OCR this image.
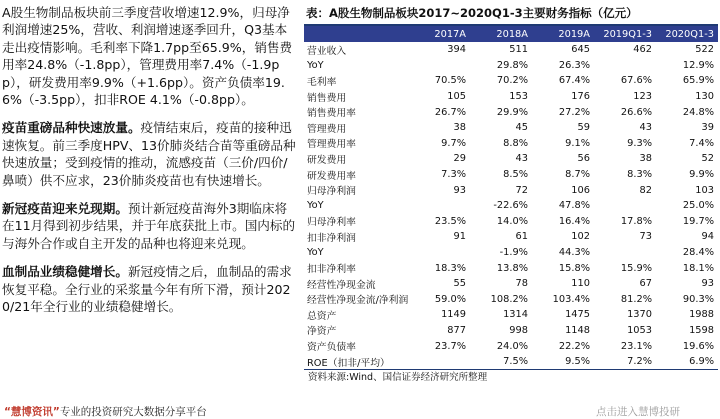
A股生物制品板块前三季度营收增速12.9%，归母净利润增速25%，营收、利润增速逐季回升，Q3基本走出疫情影响。毛利率下降1.7pp至65.9%，销售费用率24.8%（-1.8pp），管理费用率7.4%（-1.9pp），研发费用率9.9%（+1.6pp）。资产负债率19.6%（-3.5pp），扣非ROE 4.1%（-0.8pp）。

疫苗重磅品种快速放量。疫情结束后，疫苗的接种迅速恢复。前三季度HPV、13价肺炎结合苗等重磅品种快速放量；受到疫情的推动，流感疫苗（三价/四价/鼻喷）供不应求，23价肺炎疫苗也有快速增长。

新冠疫苗迎来兑现期。预计新冠疫苗海外3期临床将在11月得到初步结果，并于年底获批上市。国内标的与海外合作或自主开发的品种也将迎来兑现。

血制品业绩稳健增长。新冠疫情之后，血制品的需求恢复平稳。全行业的采浆量今年有所下滑，预计2020/21年全行业的业绩稳健增长。

表：A股生物制品板块2017~2020Q1-3主要财务指标（亿元）
	2017A	2018A	2019A	2019Q1-3	2020Q1-3
营业收入	394	511	645	462	522
YoY		29.8%	26.3%		12.9%
毛利率	70.5%	70.2%	67.4%	67.6%	65.9%
销售费用	105	153	176	123	130
销售费用率	26.7%	29.9%	27.2%	26.6%	24.8%
管理费用	38	45	59	43	39
管理费用率	9.7%	8.8%	9.1%	9.3%	7.4%
研发费用	29	43	56	38	52
研发费用率	7.3%	8.5%	8.7%	8.3%	9.9%
归母净利润	93	72	106	82	103
YoY		-22.6%	47.8%		25.0%
归母净利率	23.5%	14.0%	16.4%	17.8%	19.7%
扣非净利润	91	61	102	73	94
YoY		-1.9%	44.3%		28.4%
扣非净利率	18.3%	13.8%	15.8%	15.9%	18.1%
经营性净现金流	55	78	110	67	93
经营性净现金流/净利润	59.0%	108.2%	103.4%	81.2%	90.3%
总资产	1149	1314	1475	1370	1988
净资产	877	998	1148	1053	1598
资产负债率	23.7%	24.0%	22.2%	23.1%	19.6%
ROE（扣非/平均）		7.5%	9.5%	7.2%	6.9%
资料来源:Wind、国信证券经济研究所整理
“慧博资讯”专业的投资研究大数据分享平台	点击进入慧博投研
